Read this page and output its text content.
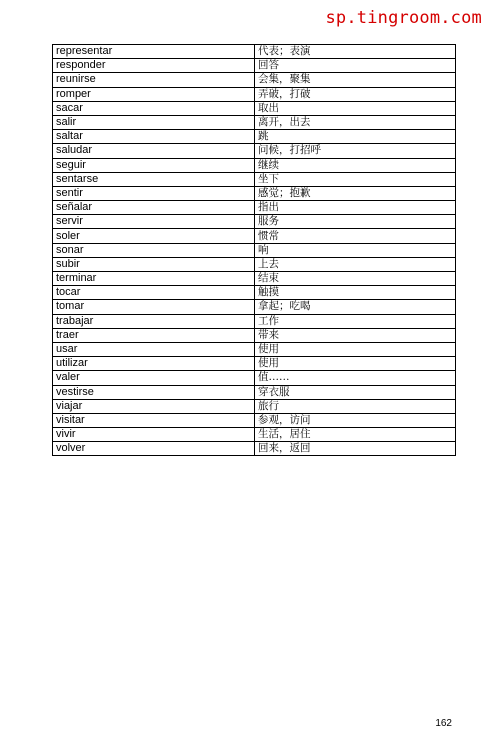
sp.tingroom.com
representar	代表；表演
responder	回答
reunirse	会集，聚集
romper	弄破，打破
sacar	取出
salir	离开，出去
saltar	跳
saludar	问候，打招呼
seguir	继续
sentarse	坐下
sentir	感觉；抱歉
señalar	指出
servir	服务
soler	惯常
sonar	响
subir	上去
terminar	结束
tocar	触摸
tomar	拿起；吃喝
trabajar	工作
traer	带来
usar	使用
utilizar	使用
valer	值……
vestirse	穿衣服
viajar	旅行
visitar	参观，访问
vivir	生活，居住
volver	回来，返回
162
